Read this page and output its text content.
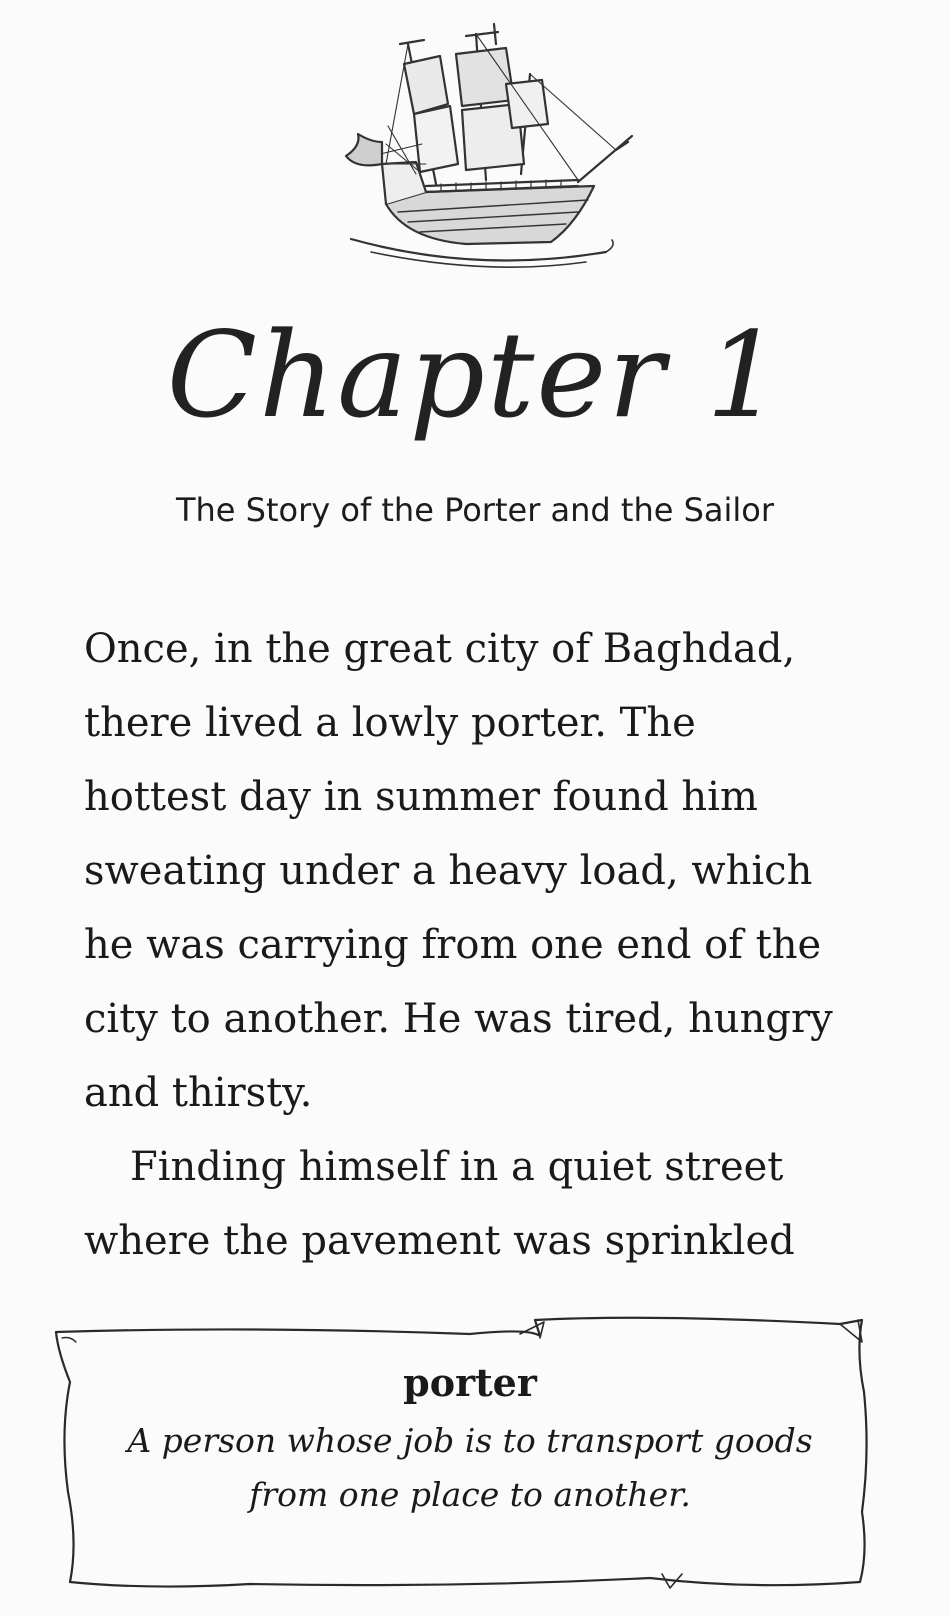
Chapter 1
The Story of the Porter and the Sailor
Once, in the great city of Baghdad,
there lived a lowly porter. The
hottest day in summer found him
sweating under a heavy load, which
he was carrying from one end of the
city to another. He was tired, hungry
and thirsty.
Finding himself in a quiet street
where the pavement was sprinkled
porter
A person whose job is to transport goods
from one place to another.
